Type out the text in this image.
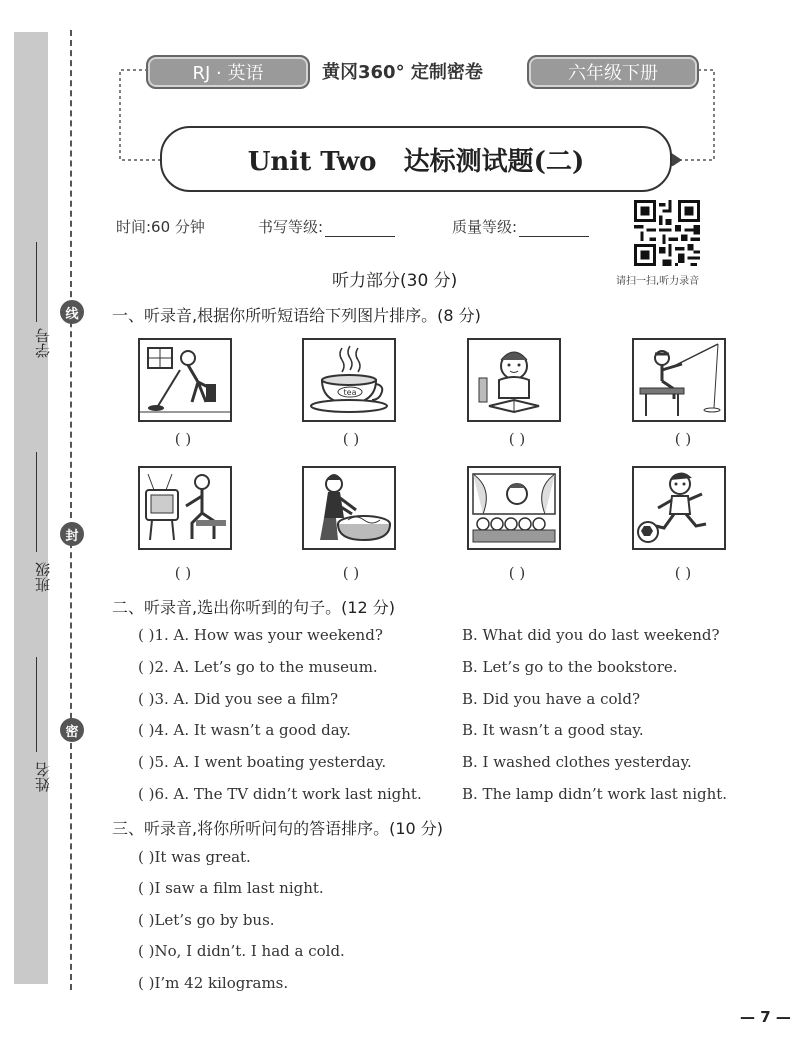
学号
班级
姓名
线
封
密
RJ · 英语	黄冈360° 定制密卷	六年级下册
Unit Two   达标测试题(二)
时间:60 分钟	书写等级:	质量等级:
请扫一扫,听力录音
听力部分(30 分)
一、听录音,根据你所听短语给下列图片排序。(8 分)
tea
( )	( )	( )	( )
( )	( )	( )	( )
二、听录音,选出你听到的句子。(12 分)
( )1. A. How was your weekend?	B. What did you do last weekend?
( )2. A. Let’s go to the museum.	B. Let’s go to the bookstore.
( )3. A. Did you see a film?	B. Did you have a cold?
( )4. A. It wasn’t a good day.	B. It wasn’t a good stay.
( )5. A. I went boating yesterday.	B. I washed clothes yesterday.
( )6. A. The TV didn’t work last night.	B. The lamp didn’t work last night.
三、听录音,将你所听问句的答语排序。(10 分)
( )It was great.
( )I saw a film last night.
( )Let’s go by bus.
( )No, I didn’t. I had a cold.
( )I’m 42 kilograms.
— 7 —
